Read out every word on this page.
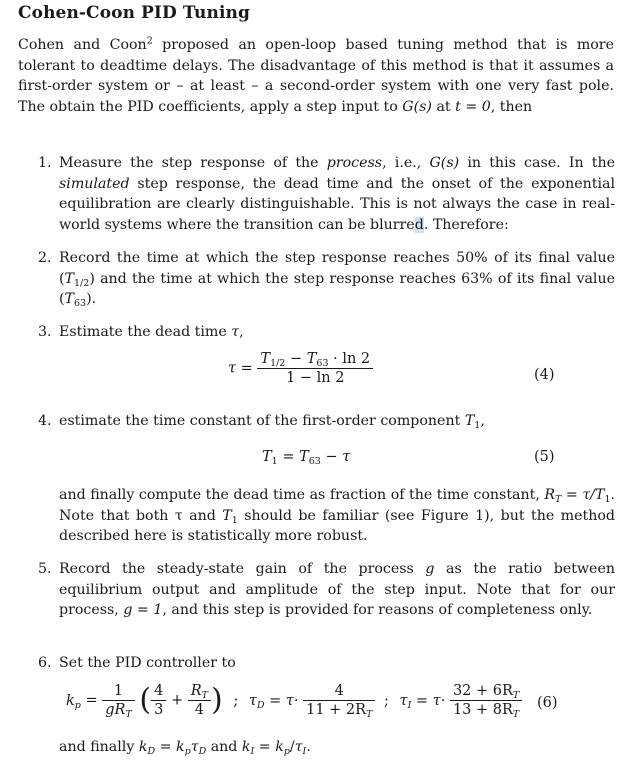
Cohen-Coon PID Tuning
Cohen and Coon$^2$ proposed an open-loop based tuning method that is more tolerant to deadtime delays. The disadvantage of this method is that it assumes a first-order system or – at least – a second-order system with one very fast pole. The obtain the PID coefficients, apply a step input to G(s) at t = 0, then
1. Measure the step response of the process, i.e., G(s) in this case. In the simulated step response, the dead time and the onset of the exponential equilibration are clearly distinguishable. This is not always the case in real-world systems where the transition can be blurred. Therefore:
2. Record the time at which the step response reaches 50% of its final value $(T_{1/2})$ and the time at which the step response reaches 63% of its final value $(T_{63})$.
3. Estimate the dead time τ,
$\tau = \frac{T_{1/2} - T_{63} \cdot \ln 2}{1 - \ln 2}$	(4)
4. estimate the time constant of the first-order component $T_1$,
$T_1 = T_{63} - \tau$	(5)
and finally compute the dead time as fraction of the time constant, $R_T = \tau/T_1$. Note that both τ and $T_1$ should be familiar (see Figure 1), but the method described here is statistically more robust.
5. Record the steady-state gain of the process g as the ratio between equilibrium output and amplitude of the step input. Note that for our process, g = 1, and this step is provided for reasons of completeness only.
6. Set the PID controller to
$k_p = \frac{1}{gR_T}$ ( $\frac{4}{3} + \frac{R_T}{4}$ ) ; $\tau_D = \tau\cdot \frac{4}{11 + 2R_T}$ ; $\tau_I = \tau\cdot \frac{32 + 6R_T}{13 + 8R_T} (6)$
and finally $k_D = k_p\tau_D$ and $k_I = k_p/\tau_I$.
